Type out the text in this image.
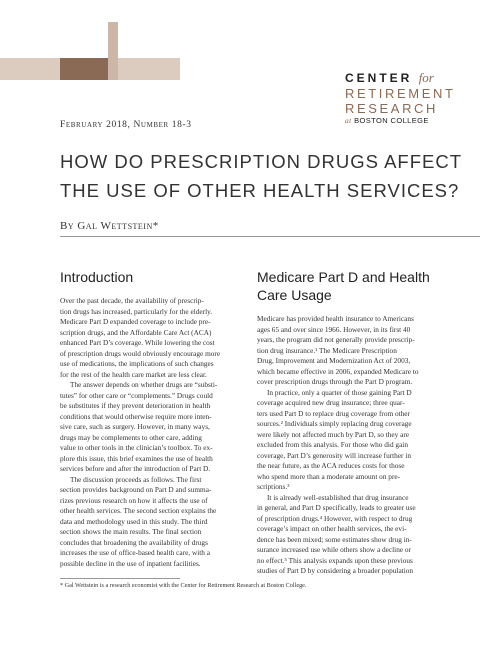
CENTER for
RETIREMENT
RESEARCH
at BOSTON COLLEGE
February 2018, Number 18-3
HOW DO PRESCRIPTION DRUGS AFFECT THE USE OF OTHER HEALTH SERVICES?
By Gal Wettstein*
Introduction
Over the past decade, the availability of prescrip-
tion drugs has increased, particularly for the elderly.
Medicare Part D expanded coverage to include pre-
scription drugs, and the Affordable Care Act (ACA)
enhanced Part D’s coverage. While lowering the cost
of prescription drugs would obviously encourage more
use of medications, the implications of such changes
for the rest of the health care market are less clear.
The answer depends on whether drugs are “substi-
tutes” for other care or “complements.” Drugs could
be substitutes if they prevent deterioration in health
conditions that would otherwise require more inten-
sive care, such as surgery. However, in many ways,
drugs may be complements to other care, adding
value to other tools in the clinician’s toolbox. To ex-
plore this issue, this brief examines the use of health
services before and after the introduction of Part D.
The discussion proceeds as follows. The first
section provides background on Part D and summa-
rizes previous research on how it affects the use of
other health services. The second section explains the
data and methodology used in this study. The third
section shows the main results. The final section
concludes that broadening the availability of drugs
increases the use of office-based health care, with a
possible decline in the use of inpatient facilities.
Medicare Part D and Health
Care Usage
Medicare has provided health insurance to Americans
ages 65 and over since 1966. However, in its first 40
years, the program did not generally provide prescrip-
tion drug insurance.¹ The Medicare Prescription
Drug, Improvement and Modernization Act of 2003,
which became effective in 2006, expanded Medicare to
cover prescription drugs through the Part D program.
In practice, only a quarter of those gaining Part D
coverage acquired new drug insurance; three quar-
ters used Part D to replace drug coverage from other
sources.² Individuals simply replacing drug coverage
were likely not affected much by Part D, so they are
excluded from this analysis. For those who did gain
coverage, Part D’s generosity will increase further in
the near future, as the ACA reduces costs for those
who spend more than a moderate amount on pre-
scriptions.³
It is already well-established that drug insurance
in general, and Part D specifically, leads to greater use
of prescription drugs.⁴ However, with respect to drug
coverage’s impact on other health services, the evi-
dence has been mixed; some estimates show drug in-
surance increased use while others show a decline or
no effect.⁵ This analysis expands upon these previous
studies of Part D by considering a broader population
* Gal Wettstein is a research economist with the Center for Retirement Research at Boston College.
